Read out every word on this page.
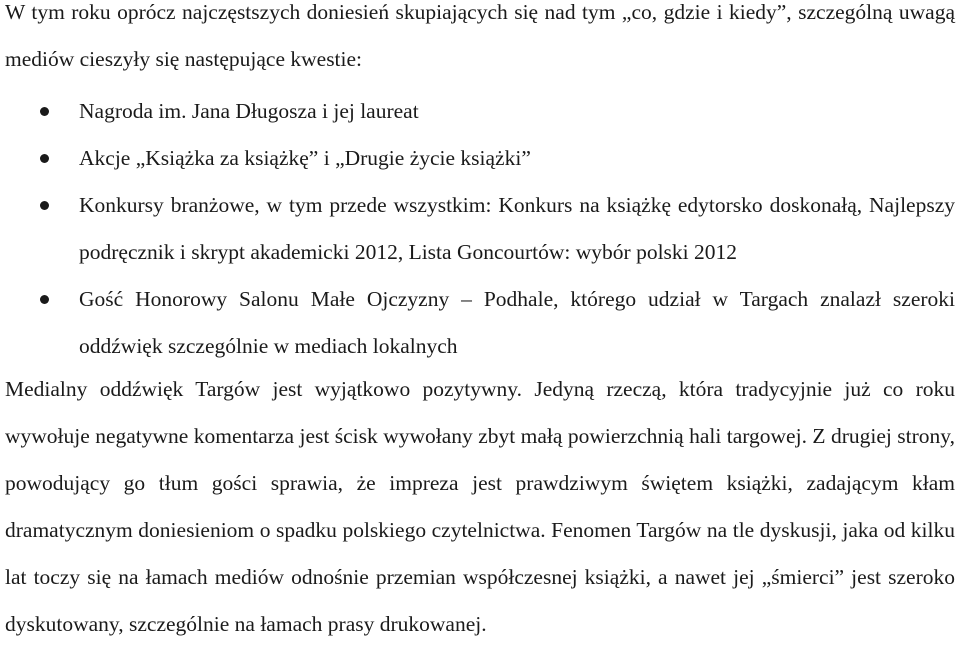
W tym roku oprócz najczęstszych doniesień skupiających się nad tym „co, gdzie i kiedy”, szczególną uwagą mediów cieszyły się następujące kwestie:

Nagroda im. Jana Długosza i jej laureat
Akcje „Książka za książkę” i „Drugie życie książki”
Konkursy branżowe, w tym przede wszystkim: Konkurs na książkę edytorsko doskonałą, Najlepszy podręcznik i skrypt akademicki 2012, Lista Goncourtów: wybór polski 2012
Gość Honorowy Salonu Małe Ojczyzny – Podhale, którego udział w Targach znalazł szeroki oddźwięk szczególnie w mediach lokalnych

Medialny oddźwięk Targów jest wyjątkowo pozytywny. Jedyną rzeczą, która tradycyjnie już co roku wywołuje negatywne komentarza jest ścisk wywołany zbyt małą powierzchnią hali targowej. Z drugiej strony, powodujący go tłum gości sprawia, że impreza jest prawdziwym świętem książki, zadającym kłam dramatycznym doniesieniom o spadku polskiego czytelnictwa. Fenomen Targów na tle dyskusji, jaka od kilku lat toczy się na łamach mediów odnośnie przemian współczesnej książki, a nawet jej „śmierci” jest szeroko dyskutowany, szczególnie na łamach prasy drukowanej.
